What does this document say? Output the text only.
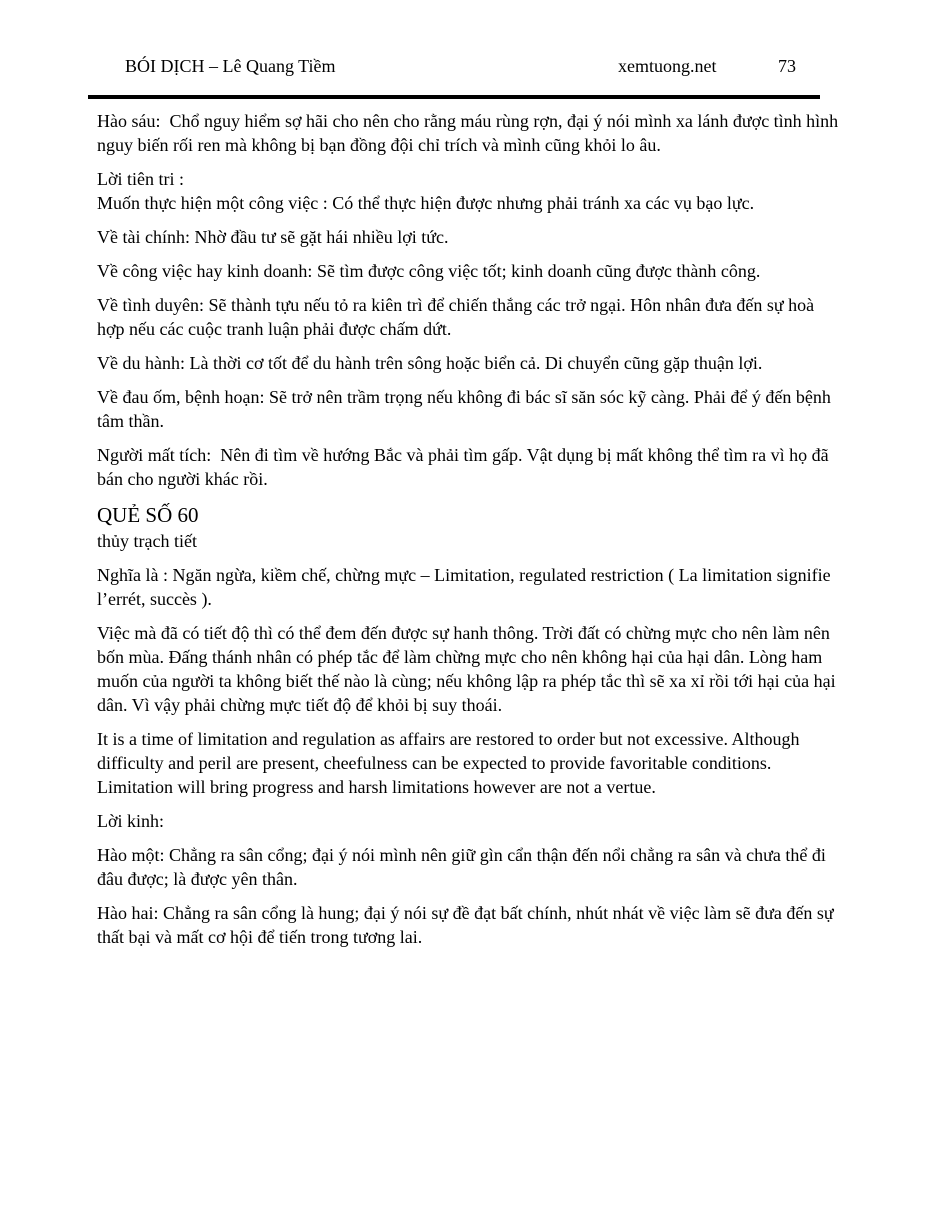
BÓI DỊCH – Lê Quang Tiềm	xemtuong.net	73

Hào sáu:  Chổ nguy hiểm sợ hãi cho nên cho rằng máu rùng rợn, đại ý nói mình xa lánh được tình hình nguy biến rối ren mà không bị bạn đồng đội chỉ trích và mình cũng khỏi lo âu.

Lời tiên tri :

Muốn thực hiện một công việc : Có thể thực hiện được nhưng phải tránh xa các vụ bạo lực.

Về tài chính: Nhờ đầu tư sẽ gặt hái nhiều lợi tức.

Về công việc hay kinh doanh: Sẽ tìm được công việc tốt; kinh doanh cũng được thành công.

Về tình duyên: Sẽ thành tựu nếu tỏ ra kiên trì để chiến thắng các trở ngại. Hôn nhân đưa đến sự hoà hợp nếu các cuộc tranh luận phải được chấm dứt.

Về du hành: Là thời cơ tốt để du hành trên sông hoặc biển cả. Di chuyển cũng gặp thuận lợi.

Về đau ốm, bệnh hoạn: Sẽ trở nên trầm trọng nếu không đi bác sĩ săn sóc kỹ càng. Phải để ý đến bệnh tâm thần.

Người mất tích:  Nên đi tìm về hướng Bắc và phải tìm gấp. Vật dụng bị mất không thể tìm ra vì họ đã bán cho người khác rồi.

QUẺ SỐ 60

thủy trạch tiết

Nghĩa là : Ngăn ngừa, kiềm chế, chừng mực – Limitation, regulated restriction ( La limitation signifie l’errét, succès ).

Việc mà đã có tiết độ thì có thể đem đến được sự hanh thông. Trời đất có chừng mực cho nên làm nên bốn mùa. Đấng thánh nhân có phép tắc để làm chừng mực cho nên không hại của hại dân. Lòng ham muốn của người ta không biết thế nào là cùng; nếu không lập ra phép tắc thì sẽ xa xỉ rồi tới hại của hại dân. Vì vậy phải chừng mực tiết độ để khỏi bị suy thoái.

It is a time of limitation and regulation as affairs are restored to order but not excessive. Although difficulty and peril are present, cheefulness can be expected to provide favoritable conditions. Limitation will bring progress and harsh limitations however are not a vertue.

Lời kinh:

Hào một: Chẳng ra sân cổng; đại ý nói mình nên giữ gìn cẩn thận đến nổi chẳng ra sân và chưa thể đi đâu được; là được yên thân.

Hào hai: Chẳng ra sân cổng là hung; đại ý nói sự đề đạt bất chính, nhút nhát về việc làm sẽ đưa đến sự thất bại và mất cơ hội để tiến trong tương lai.
